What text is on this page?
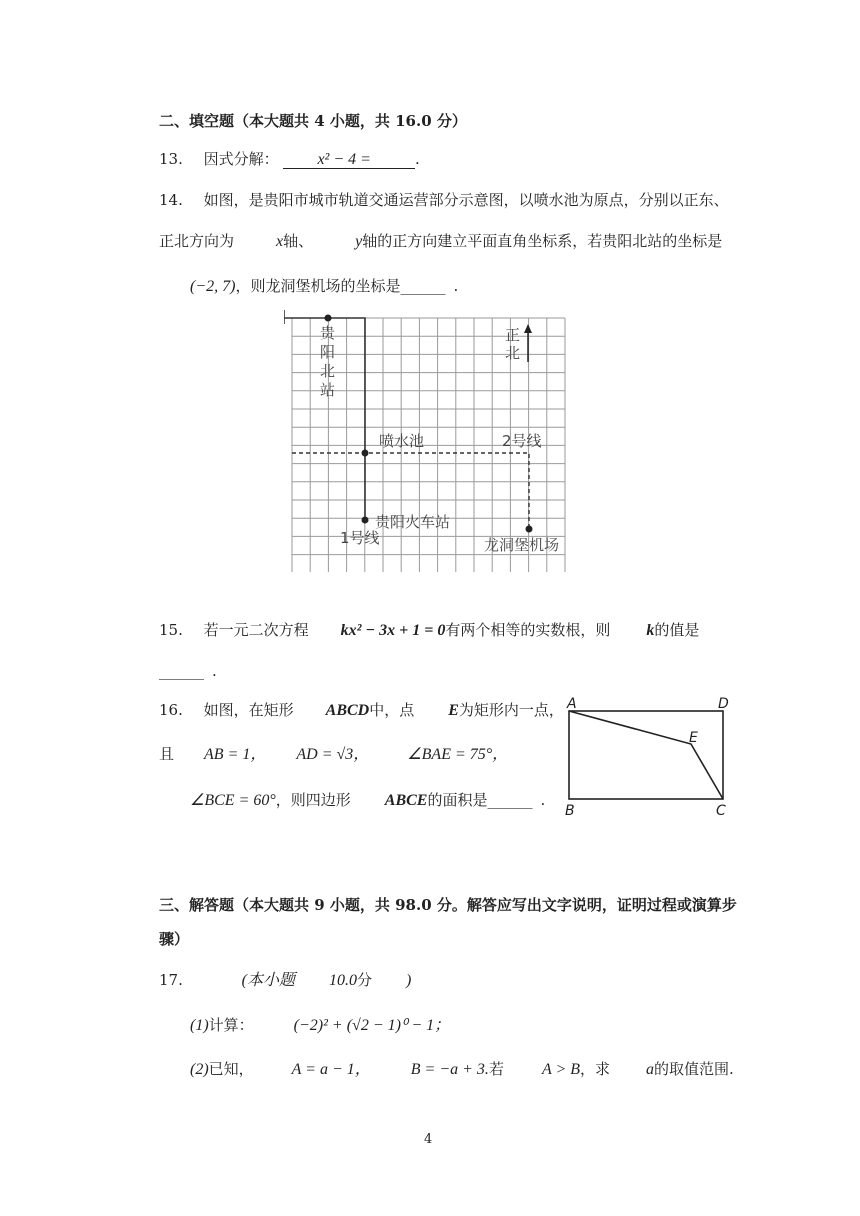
二、填空题（本大题共 4 小题，共 16.0 分）
13. 因式分解： x² − 4 =	.
14. 如图，是贵阳市城市轨道交通运营部分示意图，以喷水池为原点，分别以正东、
正北方向为	x轴、	y轴的正方向建立平面直角坐标系，若贵阳北站的坐标是
(−2, 7)，则龙洞堡机场的坐标是______ .
贵
阳
北
站
正
北
喷水池	2号线
贵阳火车站
1号线	龙洞堡机场
15. 若一元二次方程 kx² − 3x + 1 = 0有两个相等的实数根，则 k的值是
______ .
16. 如图，在矩形 ABCD中，点 E为矩形内一点，
且 AB = 1， AD = √3， ∠BAE = 75°，
∠BCE = 60°，则四边形 ABCE的面积是______ .
A	D
E
B	C
三、解答题（本大题共 9 小题，共 98.0 分。解答应写出文字说明，证明过程或演算步
骤）
17.	(本小题 10.0分 )
(1)计算：	(−2)² + (√2 − 1)⁰ − 1；
(2)已知， A = a − 1，	B = −a + 3.若 A > B，求 a的取值范围.
4
